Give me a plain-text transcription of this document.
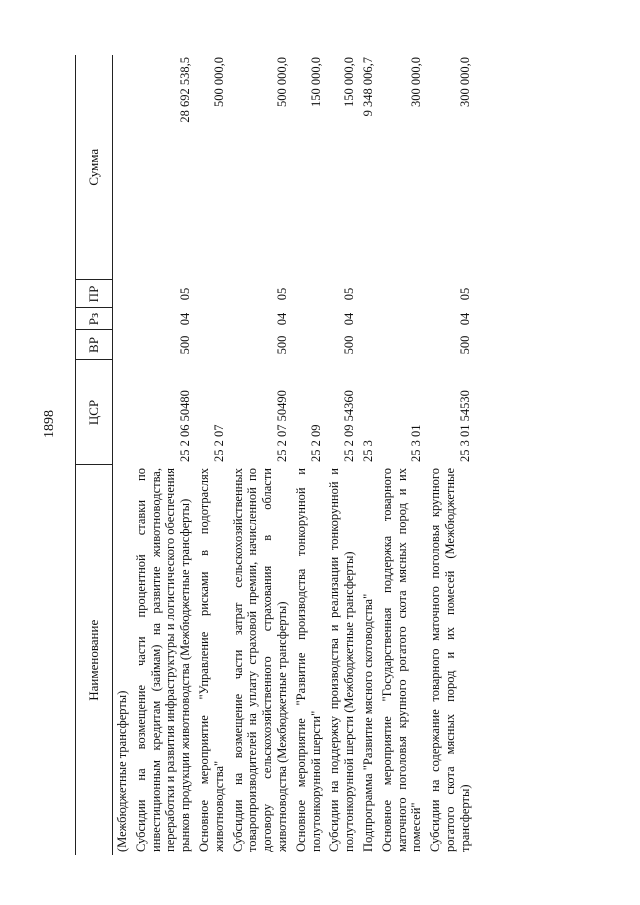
1898
Наименование	ЦСР	ВР	Рз	ПР	Сумма
(Межбюджетные трансферты)					
Субсидии на возмещение части процентной ставки по инвестиционным кредитам (займам) на развитие животноводства, переработки и развития инфраструктуры и логистического обеспечения рынков продукции животноводства (Межбюджетные трансферты)	25 2 06 50480	500	04	05	28 692 538,5
Основное мероприятие "Управление рисками в подотраслях животноводства"	25 2 07				500 000,0
Субсидии на возмещение части затрат сельскохозяйственных товаропроизводителей на уплату страховой премии, начисленной по договору сельскохозяйственного страхования в области животноводства (Межбюджетные трансферты)	25 2 07 50490	500	04	05	500 000,0
Основное мероприятие "Развитие производства тонкорунной и полутонкорунной шерсти"	25 2 09				150 000,0
Субсидии на поддержку производства и реализации тонкорунной и полутонкорунной шерсти (Межбюджетные трансферты)	25 2 09 54360	500	04	05	150 000,0
Подпрограмма "Развитие мясного скотоводства"	25 3				9 348 006,7
Основное мероприятие "Государственная поддержка товарного маточного поголовья крупного рогатого скота мясных пород и их помесей"	25 3 01				300 000,0
Субсидии на содержание товарного маточного поголовья крупного рогатого скота мясных пород и их помесей (Межбюджетные трансферты)	25 3 01 54530	500	04	05	300 000,0
